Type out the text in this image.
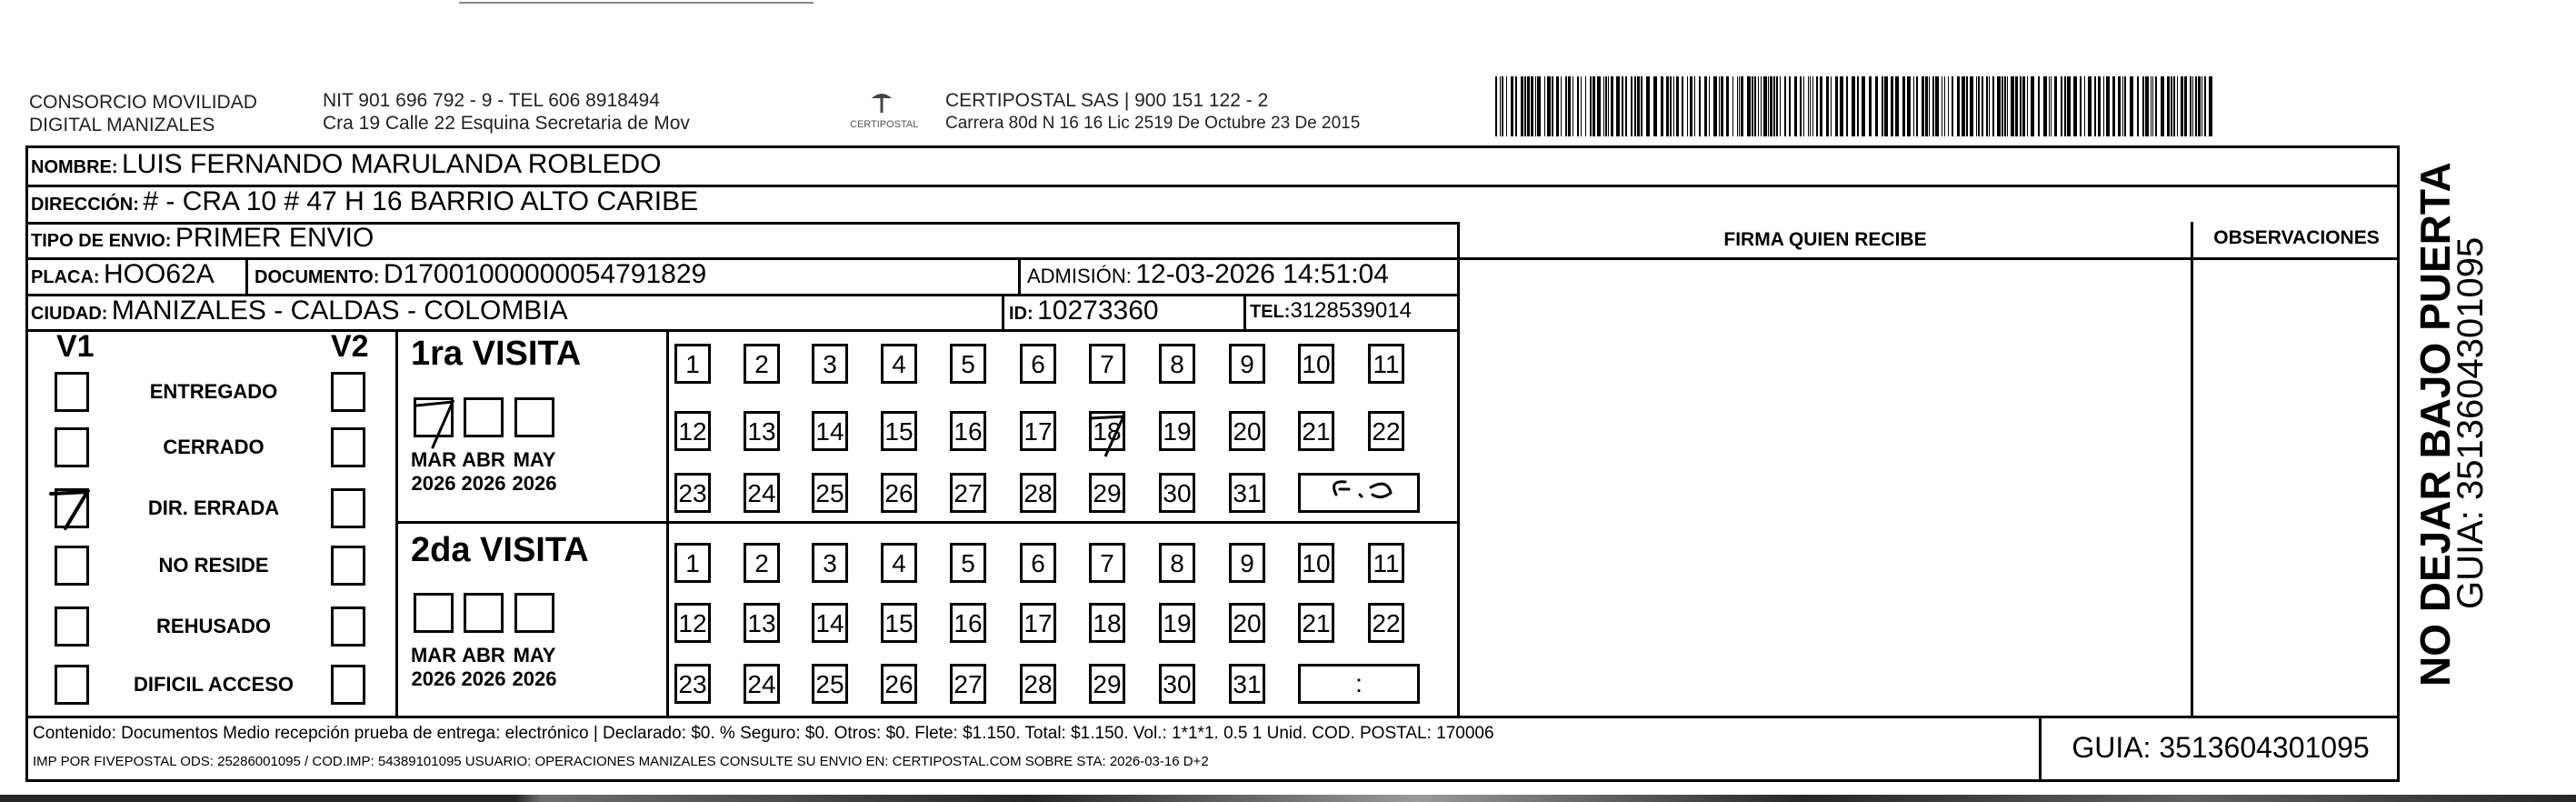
CONSORCIO MOVILIDAD
DIGITAL MANIZALES
NIT 901 696 792 - 9 - TEL 606 8918494
Cra 19 Calle 22 Esquina Secretaria de Mov	CERTIPOSTAL
CERTIPOSTAL SAS | 900 151 122 - 2
Carrera 80d N 16 16 Lic 2519 De Octubre 23 De 2015
NOMBRE: LUIS FERNANDO MARULANDA ROBLEDO
DIRECCIÓN: # - CRA 10 # 47 H 16 BARRIO ALTO CARIBE
TIPO DE ENVIO: PRIMER ENVIO
PLACA: HOO62A DOCUMENTO: D17001000000054791829	ADMISIÓN: 12-03-2026 14:51:04
CIUDAD: MANIZALES - CALDAS - COLOMBIA	ID: 10273360	TEL:3128539014
FIRMA QUIEN RECIBE	OBSERVACIONES
V1	V2 1ra VISITA
2da VISITA
Contenido: Documentos Medio recepción prueba de entrega: electrónico | Declarado: $0. % Seguro: $0. Otros: $0. Flete: $1.150. Total: $1.150. Vol.: 1*1*1. 0.5 1 Unid. COD. POSTAL: 170006
IMP POR FIVEPOSTAL ODS: 25286001095 / COD.IMP: 54389101095 USUARIO: OPERACIONES MANIZALES CONSULTE SU ENVIO EN: CERTIPOSTAL.COM SOBRE STA: 2026-03-16 D+2	GUIA: 3513604301095
NO DEJAR BAJO PUERTA
GUIA: 3513604301095
ENTREGADO
CERRADO
DIR. ERRADA
NO RESIDE
REHUSADO
DIFICIL ACCESO
MAR
2026
ABR
2026
MAY
2026
MAR
2026
ABR
2026
MAY
2026
1	2	3	4	5	6	7	8	9	10 11
12 13 14 15 16 17 18 19 20 21 22
23 24 25 26 27 28 29 30 31
1	2	3	4	5	6	7	8	9	10 11
12 13 14 15 16 17 18 19 20 21 22
23 24 25 26 27 28 29 30 31	:
